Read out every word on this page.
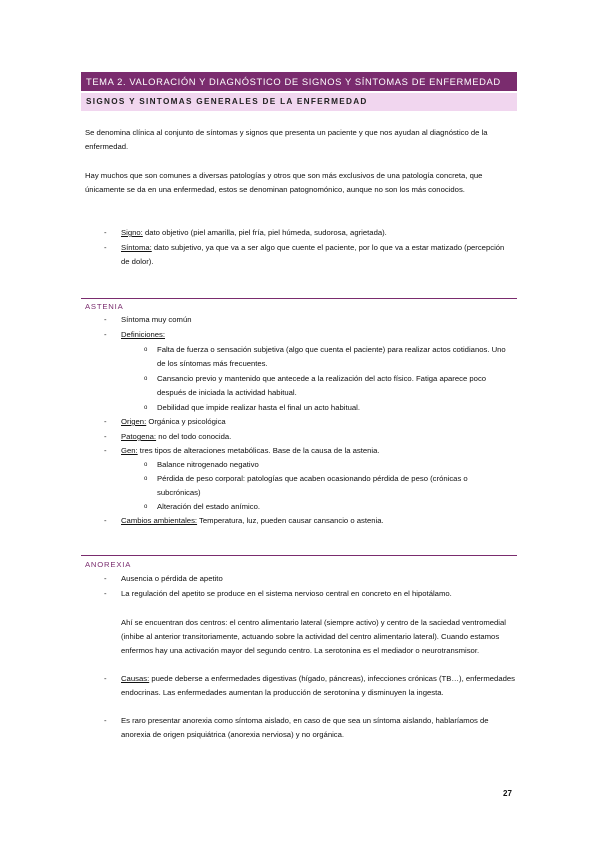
TEMA 2. VALORACIÓN Y DIAGNÓSTICO DE SIGNOS Y SÍNTOMAS DE ENFERMEDAD
SIGNOS Y SINTOMAS GENERALES DE LA ENFERMEDAD
Se denomina clínica al conjunto de síntomas y signos que presenta un paciente y que nos ayudan al diagnóstico de la enfermedad.
Hay muchos que son comunes a diversas patologías y otros que son más exclusivos de una patología concreta, que únicamente se da en una enfermedad, estos se denominan patognomónico, aunque no son los más conocidos.
- Signo: dato objetivo (piel amarilla, piel fría, piel húmeda, sudorosa, agrietada).
- Síntoma: dato subjetivo, ya que va a ser algo que cuente el paciente, por lo que va a estar matizado (percepción de dolor).
ASTENIA
- Síntoma muy común
- Definiciones:
o Falta de fuerza o sensación subjetiva (algo que cuenta el paciente) para realizar actos cotidianos. Uno de los síntomas más frecuentes.
o Cansancio previo y mantenido que antecede a la realización del acto físico. Fatiga aparece poco después de iniciada la actividad habitual.
o Debilidad que impide realizar hasta el final un acto habitual.
- Origen: Orgánica y psicológica
- Patogena: no del todo conocida.
- Gen: tres tipos de alteraciones metabólicas. Base de la causa de la astenia.
o Balance nitrogenado negativo
o Pérdida de peso corporal: patologías que acaben ocasionando pérdida de peso (crónicas o subcrónicas)
o Alteración del estado anímico.
- Cambios ambientales: Temperatura, luz, pueden causar cansancio o astenia.
ANOREXIA
- Ausencia o pérdida de apetito
- La regulación del apetito se produce en el sistema nervioso central en concreto en el hipotálamo.
Ahí se encuentran dos centros: el centro alimentario lateral (siempre activo) y centro de la saciedad ventromedial (inhibe al anterior transitoriamente, actuando sobre la actividad del centro alimentario lateral). Cuando estamos enfermos hay una activación mayor del segundo centro. La serotonina es el mediador o neurotransmisor.
- Causas: puede deberse a enfermedades digestivas (hígado, páncreas), infecciones crónicas (TB…), enfermedades endocrinas. Las enfermedades aumentan la producción de serotonina y disminuyen la ingesta.
- Es raro presentar anorexia como síntoma aislado, en caso de que sea un síntoma aislando, hablaríamos de anorexia de origen psiquiátrica (anorexia nerviosa) y no orgánica.
27
